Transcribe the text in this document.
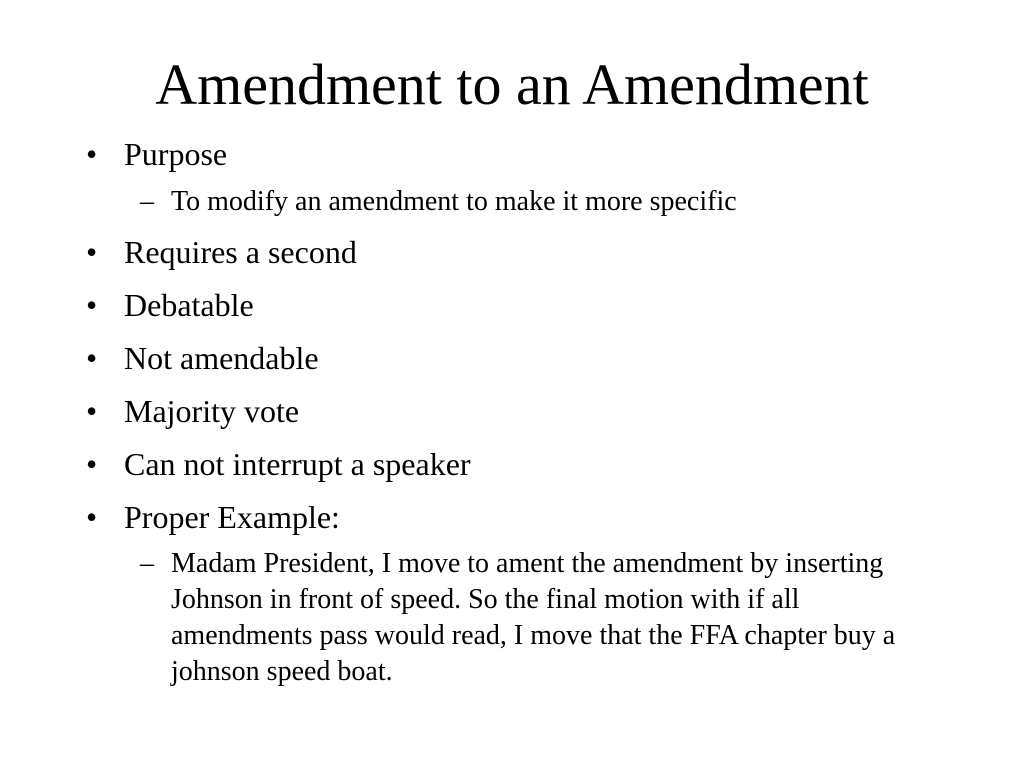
Amendment to an Amendment
• Purpose
– To modify an amendment to make it more specific
• Requires a second
• Debatable
• Not amendable
• Majority vote
• Can not interrupt a speaker
• Proper Example:
– Madam President, I move to ament the amendment by inserting Johnson in front of speed. So the final motion with if all amendments pass would read, I move that the FFA chapter buy a johnson speed boat.
